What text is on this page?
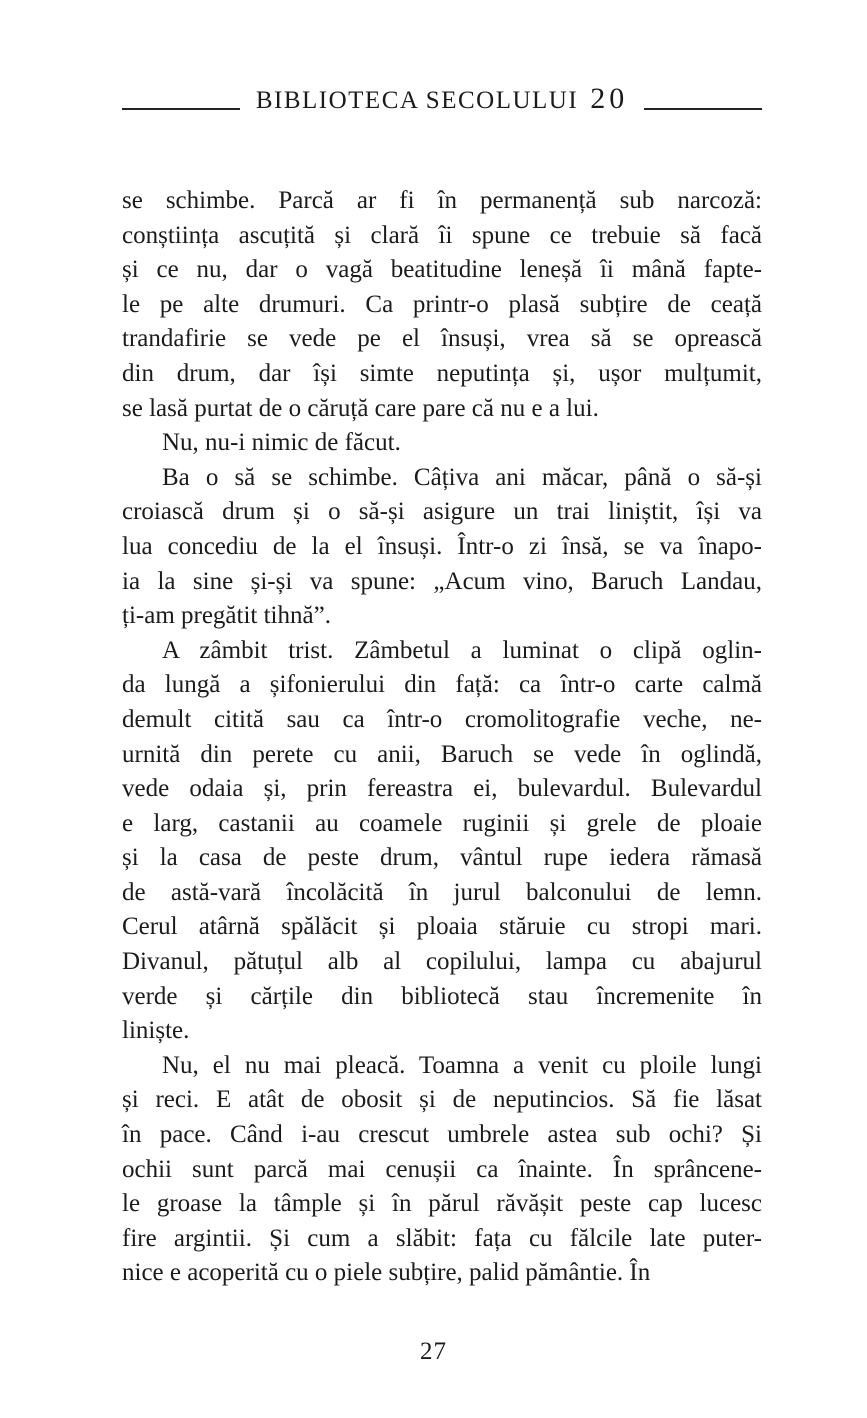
BIBLIOTECA SECOLULUI 20
se schimbe. Parcă ar fi în permanență sub narcoză:
conștiința ascuțită și clară îi spune ce trebuie să facă
și ce nu, dar o vagă beatitudine leneșă îi mână fapte-
le pe alte drumuri. Ca printr-o plasă subțire de ceață
trandafirie se vede pe el însuși, vrea să se oprească
din drum, dar își simte neputința și, ușor mulțumit,
se lasă purtat de o căruță care pare că nu e a lui.
Nu, nu-i nimic de făcut.
Ba o să se schimbe. Câțiva ani măcar, până o să-și
croiască drum și o să-și asigure un trai liniștit, își va
lua concediu de la el însuși. Într-o zi însă, se va înapo-
ia la sine și-și va spune: „Acum vino, Baruch Landau,
ți-am pregătit tihnă”.
A zâmbit trist. Zâmbetul a luminat o clipă oglin-
da lungă a șifonierului din față: ca într-o carte calmă
demult citită sau ca într-o cromolitografie veche, ne-
urnită din perete cu anii, Baruch se vede în oglindă,
vede odaia și, prin fereastra ei, bulevardul. Bulevardul
e larg, castanii au coamele ruginii și grele de ploaie
și la casa de peste drum, vântul rupe iedera rămasă
de astă-vară încolăcită în jurul balconului de lemn.
Cerul atârnă spălăcit și ploaia stăruie cu stropi mari.
Divanul, pătuțul alb al copilului, lampa cu abajurul
verde și cărțile din bibliotecă stau încremenite în
liniște.
Nu, el nu mai pleacă. Toamna a venit cu ploile lungi
și reci. E atât de obosit și de neputincios. Să fie lăsat
în pace. Când i-au crescut umbrele astea sub ochi? Și
ochii sunt parcă mai cenușii ca înainte. În sprâncene-
le groase la tâmple și în părul răvășit peste cap lucesc
fire argintii. Și cum a slăbit: fața cu fălcile late puter-
nice e acoperită cu o piele subțire, palid pământie. În
27
